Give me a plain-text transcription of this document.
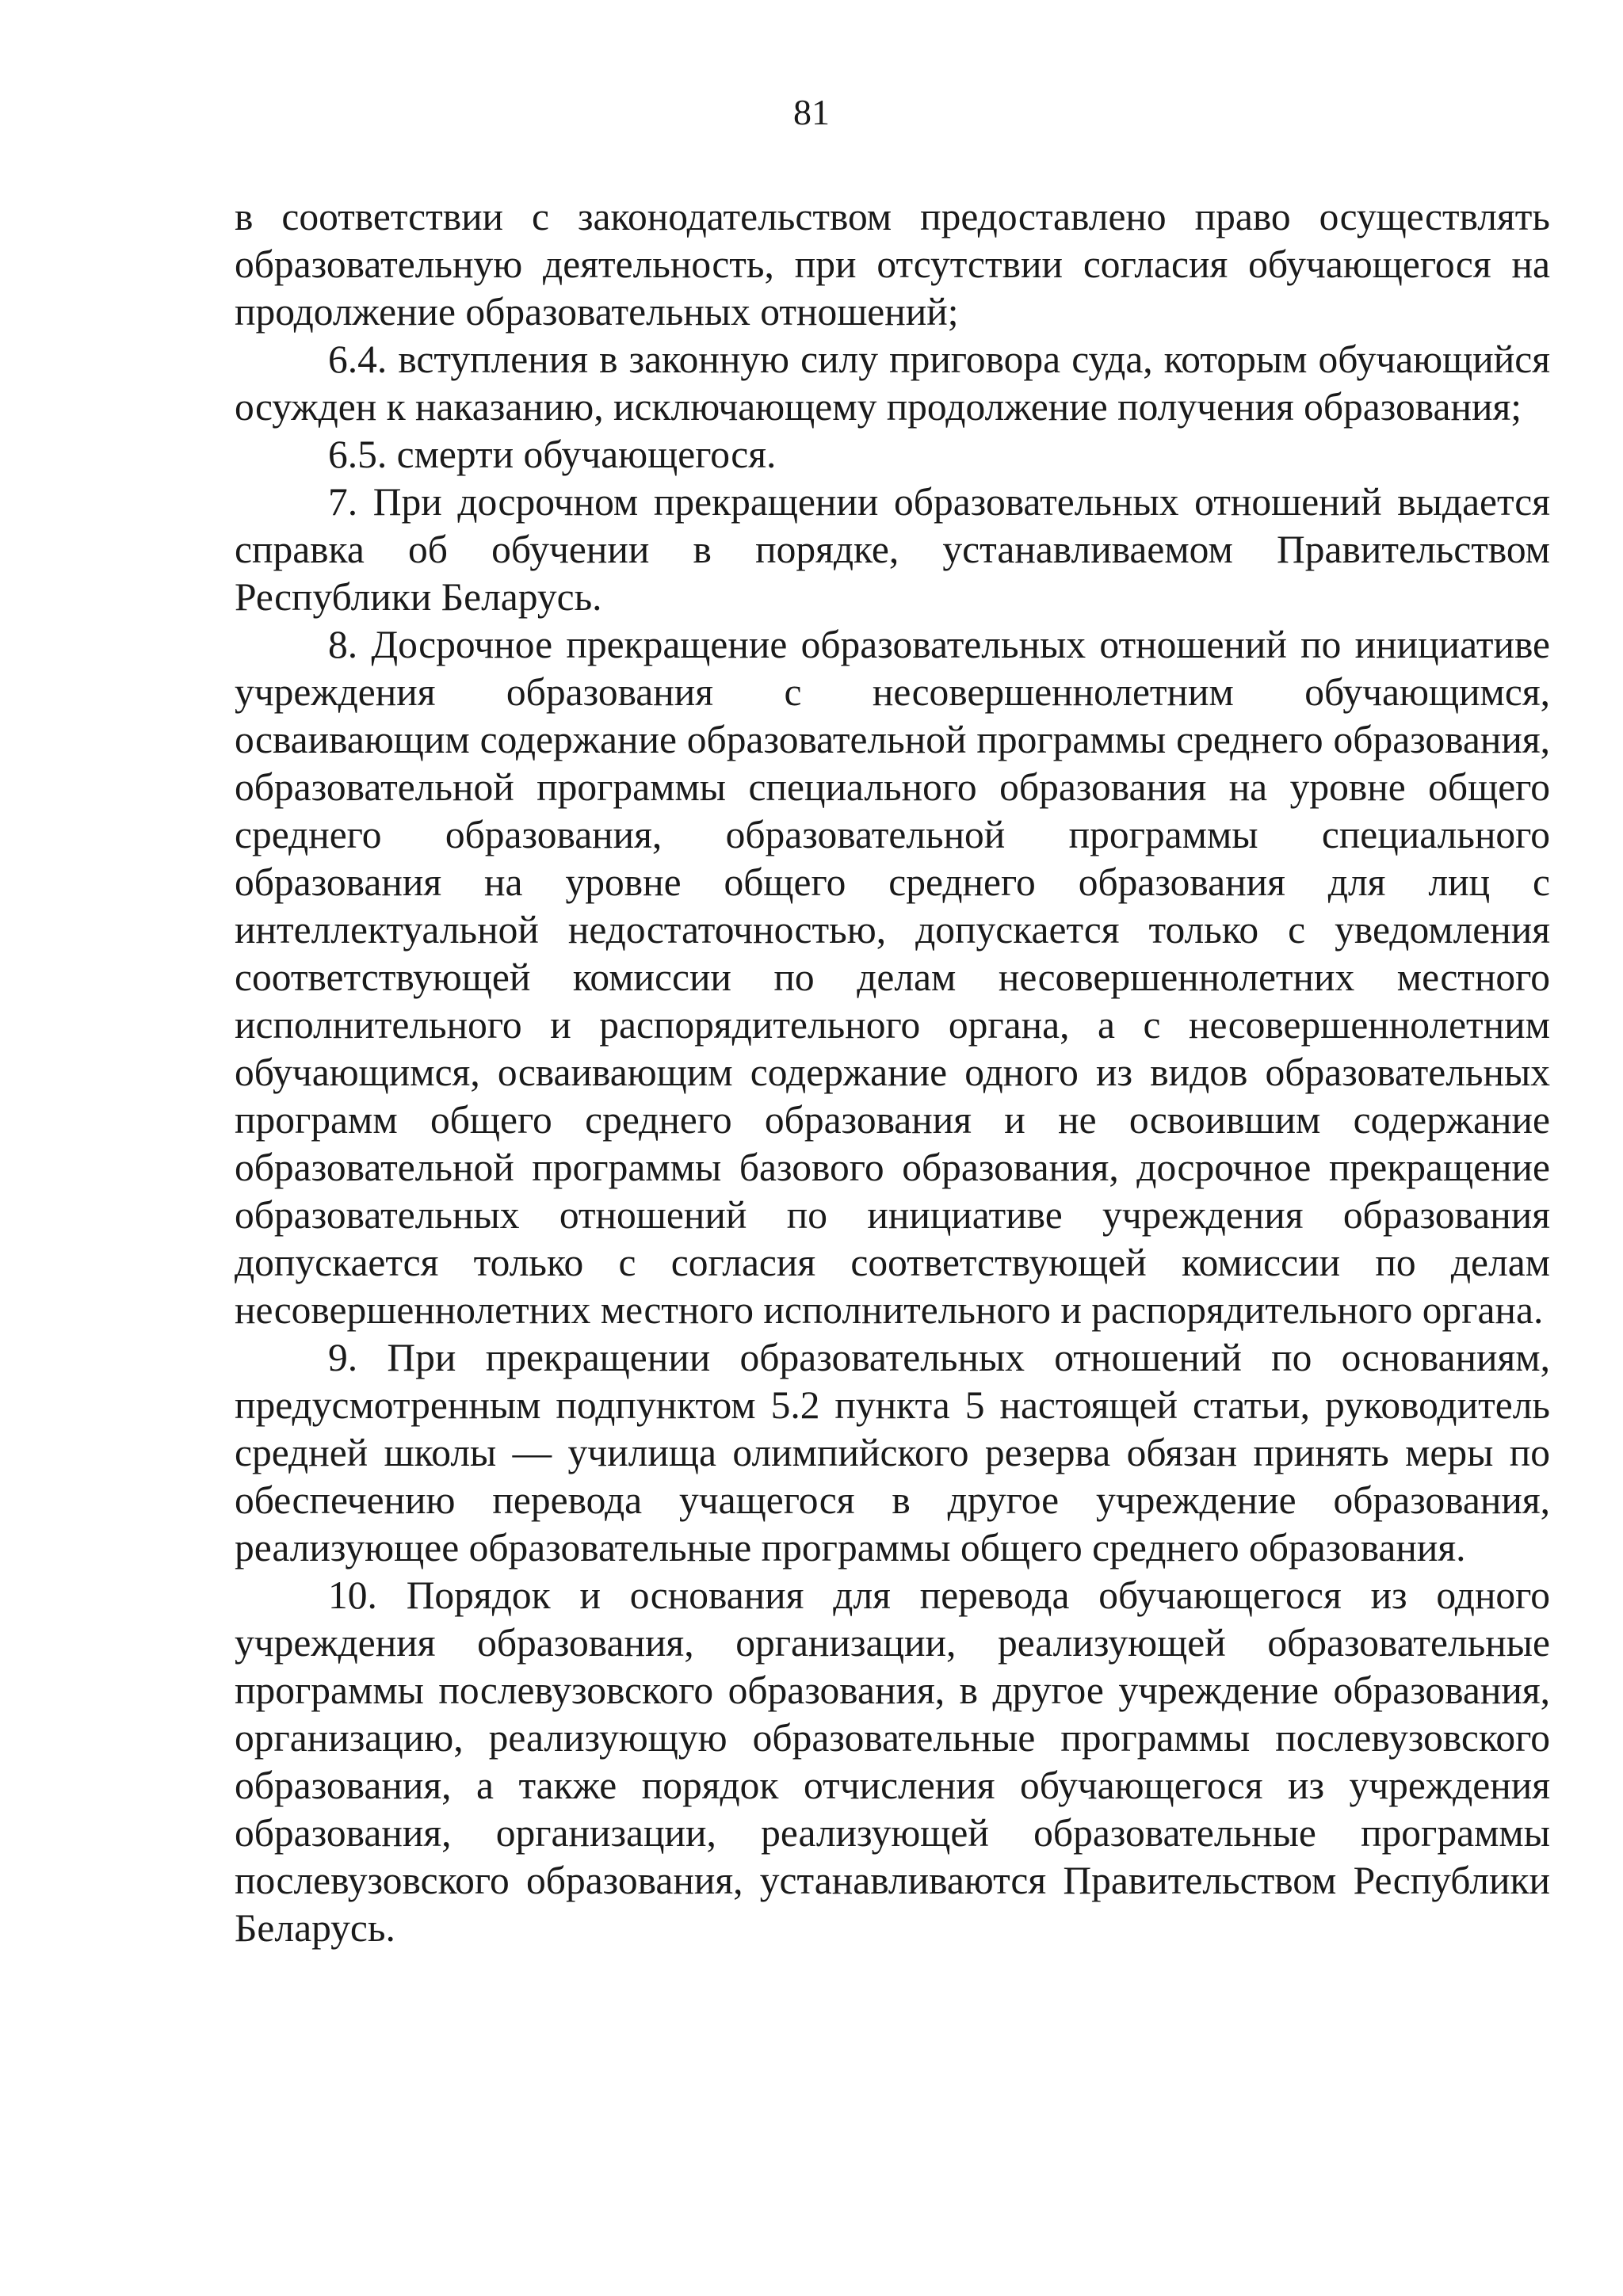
81

в соответствии с законодательством предоставлено право осуществлять образовательную деятельность, при отсутствии согласия обучающегося на продолжение образовательных отношений;

6.4. вступления в законную силу приговора суда, которым обучающийся осужден к наказанию, исключающему продолжение получения образования;

6.5. смерти обучающегося.

7. При досрочном прекращении образовательных отношений выдается справка об обучении в порядке, устанавливаемом Правительством Республики Беларусь.

8. Досрочное прекращение образовательных отношений по инициативе учреждения образования с несовершеннолетним обучающимся, осваивающим содержание образовательной программы среднего образования, образовательной программы специального образования на уровне общего среднего образования, образовательной программы специального образования на уровне общего среднего образования для лиц с интеллектуальной недостаточностью, допускается только с уведомления соответствующей комиссии по делам несовершеннолетних местного исполнительного и распорядительного органа, а с несовершеннолетним обучающимся, осваивающим содержание одного из видов образовательных программ общего среднего образования и не освоившим содержание образовательной программы базового образования, досрочное прекращение образовательных отношений по инициативе учреждения образования допускается только с согласия соответствующей комиссии по делам несовершеннолетних местного исполнительного и распорядительного органа.

9. При прекращении образовательных отношений по основаниям, предусмотренным подпунктом 5.2 пункта 5 настоящей статьи, руководитель средней школы — училища олимпийского резерва обязан принять меры по обеспечению перевода учащегося в другое учреждение образования, реализующее образовательные программы общего среднего образования.

10. Порядок и основания для перевода обучающегося из одного учреждения образования, организации, реализующей образовательные программы послевузовского образования, в другое учреждение образования, организацию, реализующую образовательные программы послевузовского образования, а также порядок отчисления обучающегося из учреждения образования, организации, реализующей образовательные программы послевузовского образования, устанавливаются Правительством Республики Беларусь.
